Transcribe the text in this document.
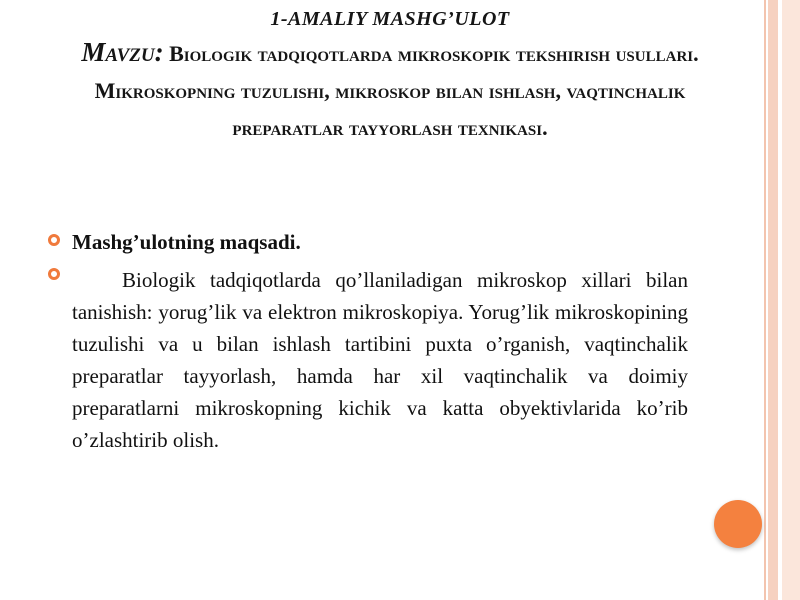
1-AMALIY MASHG’ULOT
Mavzu: Biologik tadqiqotlarda mikroskopik tekshirish usullari. Mikroskopning tuzulishi, mikroskop bilan ishlash, vaqtinchalik preparatlar tayyorlash texnikasi.
Mashg’ulotning maqsadi.
Biologik tadqiqotlarda qo’llaniladigan mikroskop xillari bilan tanishish: yorug’lik va elektron mikroskopiya. Yorug’lik mikroskopining tuzulishi va u bilan ishlash tartibini puxta o’rganish, vaqtinchalik preparatlar tayyorlash, hamda har xil vaqtinchalik va doimiy preparatlarni mikroskopning kichik va katta obyektivlarida ko’rib o’zlashtirib olish.
